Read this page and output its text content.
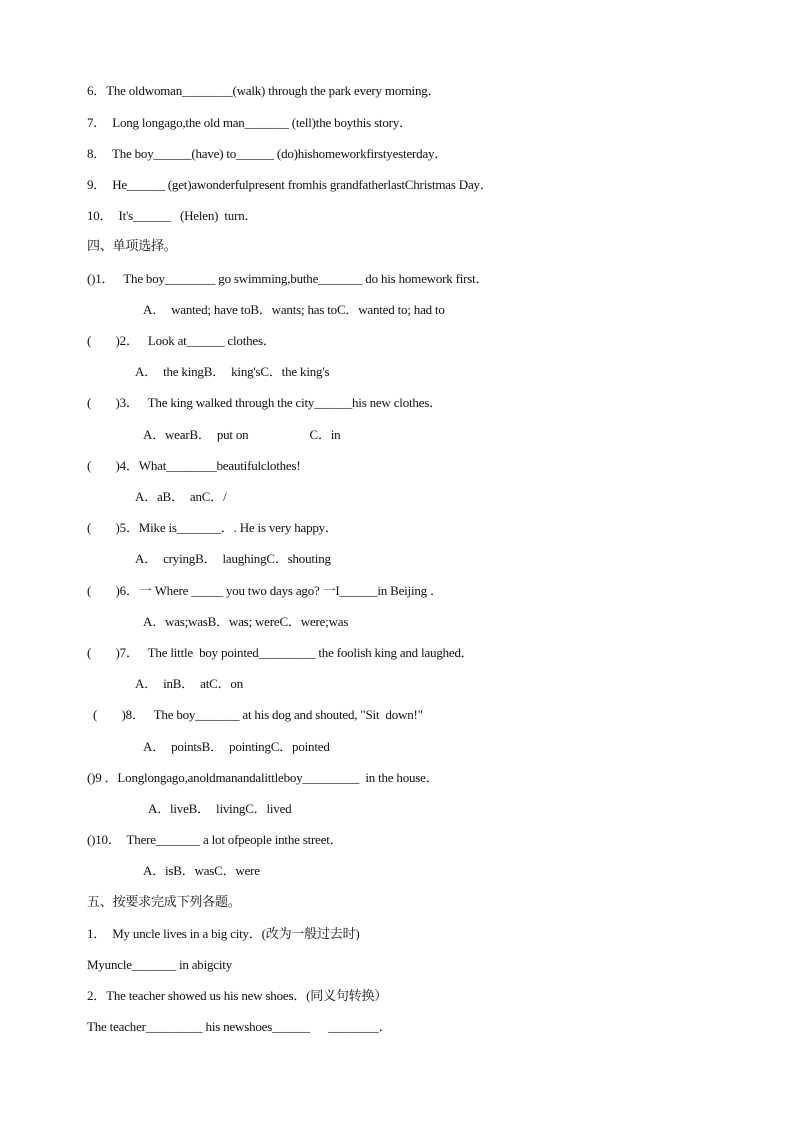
6．The oldwoman________(walk) through the park every morning．
7．  Long longago,the old man_______ (tell)the boythis story．
8．  The boy______(have) to______ (do)hishomeworkfirstyesterday．
9．  He______ (get)awonderfulpresent fromhis grandfatherlastChristmas Day．
10．  It's______   (Helen)  turn．
四、单项选择。
()1．   The boy________ go swimming,buthe_______ do his homework first．
A．  wanted; have toB．wants; has toC．wanted to; had to
(        )2．   Look at______ clothes．
A．  the kingB．  king'sC．the king's
(        )3．   The king walked through the city______his new clothes．
A．wearB．  put on                    C．in
(        )4．What________beautifulclothes!
A．aB．  anC．/
(        )5．Mike is_______．. He is very happy．
A．  cryingB．  laughingC．shouting
(        )6．一 Where _____ you two days ago? 一I______in Beijing ．
A．was;wasB．was; wereC．were;was
(        )7．   The little  boy pointed_________ the foolish king and laughed．
A．  inB．  atC．on
(        )8．   The boy_______ at his dog and shouted, "Sit  down!"
A．  pointsB．  pointingC．pointed
()9 ．Longlongago,anoldmanandalittleboy_________  in the house．
A．liveB．  livingC．lived
()10．  There_______ a lot ofpeople inthe street．
A．isB．wasC．were
五、按要求完成下列各题。
1．  My uncle lives in a big city．(改为一般过去时)
Myuncle_______ in abigcity
2．The teacher showed us his new shoes．(同义句转换）
The teacher_________ his newshoes______      ________．
